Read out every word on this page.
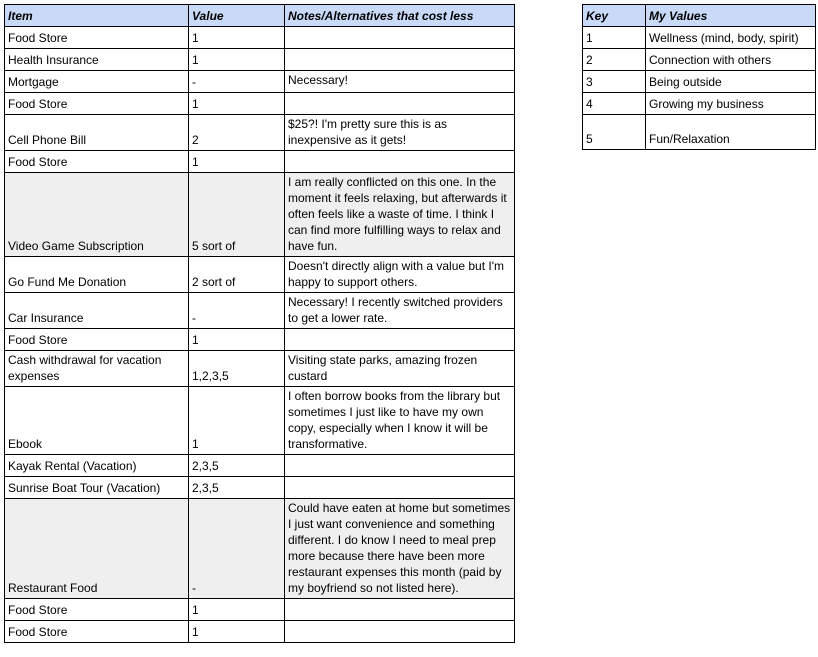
Item	Value	Notes/Alternatives that cost less
Food Store	1	
Health Insurance	1	
Mortgage	-	Necessary!
Food Store	1	
Cell Phone Bill	2	$25?! I'm pretty sure this is as inexpensive as it gets!
Food Store	1	
Video Game Subscription	5 sort of	I am really conflicted on this one. In the moment it feels relaxing, but afterwards it often feels like a waste of time. I think I can find more fulfilling ways to relax and have fun.
Go Fund Me Donation	2 sort of	Doesn't directly align with a value but I'm happy to support others.
Car Insurance	-	Necessary! I recently switched providers to get a lower rate.
Food Store	1	
Cash withdrawal for vacation expenses	1,2,3,5	Visiting state parks, amazing frozen custard
Ebook	1	I often borrow books from the library but sometimes I just like to have my own copy, especially when I know it will be transformative.
Kayak Rental (Vacation)	2,3,5	
Sunrise Boat Tour (Vacation)	2,3,5	
Restaurant Food	-	Could have eaten at home but sometimes I just want convenience and something different. I do know I need to meal prep more because there have been more restaurant expenses this month (paid by my boyfriend so not listed here).
Food Store	1	
Food Store	1	
Key	My Values
1	Wellness (mind, body, spirit)
2	Connection with others
3	Being outside
4	Growing my business
5	Fun/Relaxation
